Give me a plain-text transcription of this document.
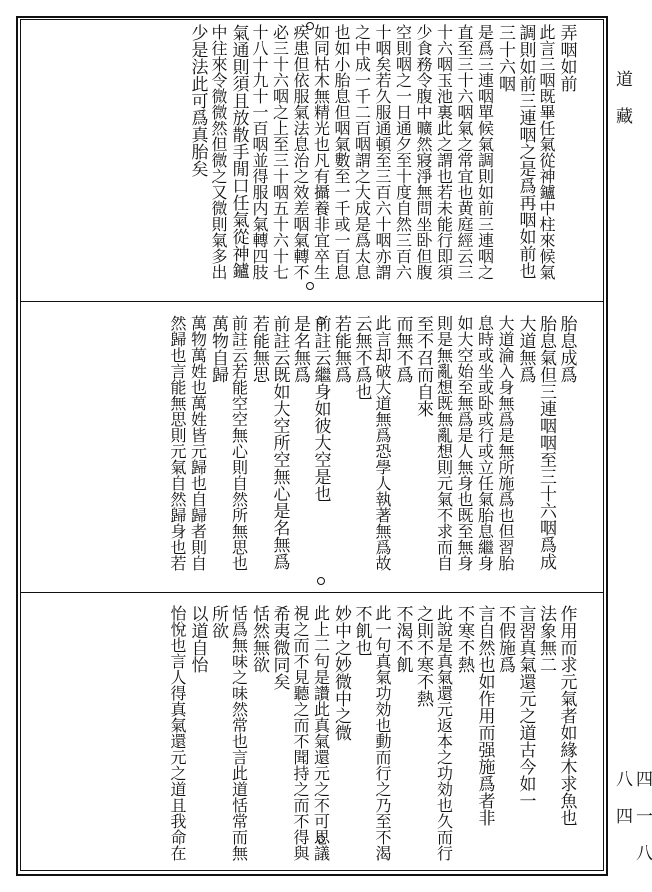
道 藏
四 一 八 八 四
弄咽如前
此言三咽既畢任氣從神鑪中柱來候氣
調則如前三連咽之是爲再咽如前也
三十六咽
是爲三連咽單候氣調則如前三連咽之
直至三十六咽氣之常宜也黄庭經云三
十六咽玉池裏此之謂也若未能行即須
少食務令腹中曠然寢淨無問坐卧但腹
空則咽之一日通夕至十度自然三百六
十咽矣若久服通頓至三百六十咽亦謂
之中成一千二百咽謂之大成是爲太息
也如小胎息但咽氣數至一千或一百息
如同枯木無精光也凡有攝養非宜卒生
疾患但依服氣法息治之效差咽氣轉不
必三十六咽之上至三十咽五十六十七
十八十九十一百咽並得服内氣轉四肢
氣通則須且放散手閒口任氣從神鑪
中往來令微微然但微之又微則氣多出
少是法此可爲真胎矣
胎息成爲
胎息氣但三連咽咽至三十六咽爲成
大道無爲
大道淪入身無爲是無所施爲也但習胎
息時或坐或卧或行或立任氣胎息繼身
如大空始至無爲是人無身也既至無身
則是無亂想既無亂想則元氣不求而自
至不召而自來
而無不爲
此言却破大道無爲恐學人執著無爲故
云無不爲也
若能無爲
前註云繼身如彼大空是也
是名無爲
前註云既如大空所空無心是名無爲
若能無思
前註云若能空空無心則自然所無思也
萬物自歸
萬物萬姓也萬姓皆元歸也自歸者則自
然歸也言能無思則元氣自然歸身也若
作用而求元氣者如緣木求魚也
法象無二
言習真氣還元之道古今如一
不假施爲
言自然也如作用而强施爲者非
不寒不熱
此說是真氣還元返本之功効也久而行
之則不寒不熱
不渴不飢
此一句真氣功効也動而行之乃至不渴
不飢也
妙中之妙微中之微
此上二句是讚此真氣還元之不可思議
視之而不見聽之而不聞持之而不得與
希夷微同矣
恬然無欲
恬爲無味之味然常也言此道恬常而無
所欲
以道自怡
怡悅也言人得真氣還元之道且我命在
